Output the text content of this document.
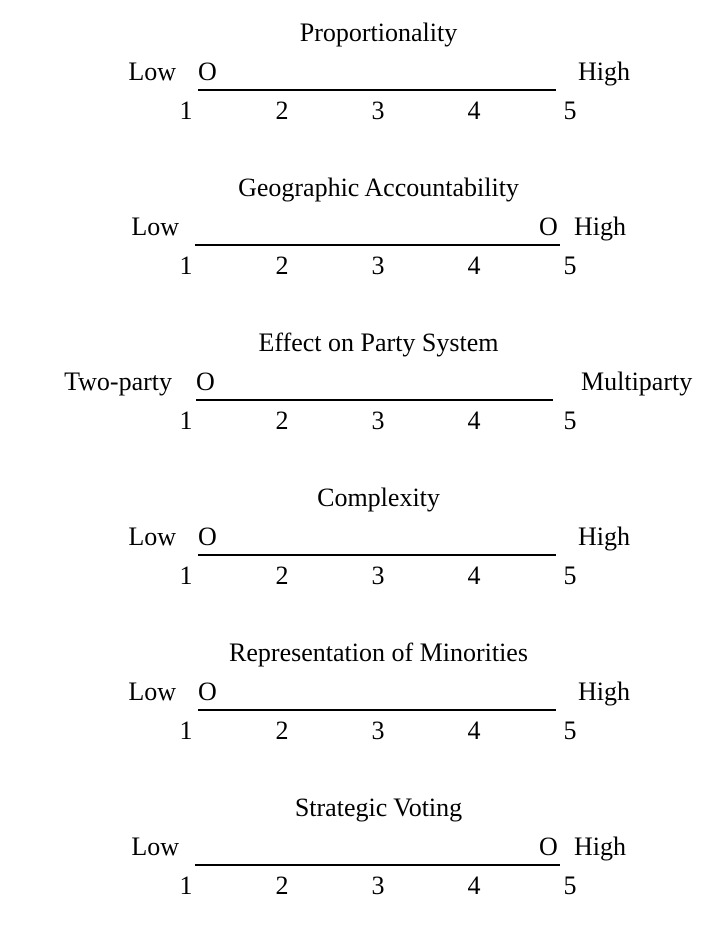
Proportionality
Low O	High
1	2	3	4	5
Geographic Accountability
Low	O High
1	2	3	4	5
Effect on Party System
Two-party O	Multiparty
1	2	3	4	5
Complexity
Low O	High
1	2	3	4	5
Representation of Minorities
Low O	High
1	2	3	4	5
Strategic Voting
Low	O High
1	2	3	4	5
